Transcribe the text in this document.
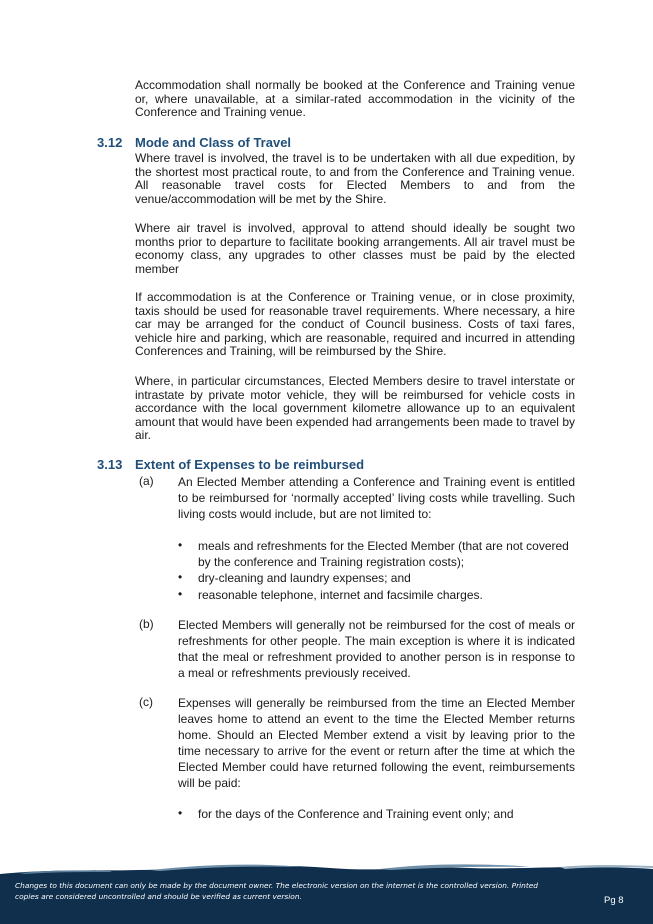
Accommodation shall normally be booked at the Conference and Training venue or, where unavailable, at a similar-rated accommodation in the vicinity of the Conference and Training venue.

3.12 Mode and Class of Travel

Where travel is involved, the travel is to be undertaken with all due expedition, by the shortest most practical route, to and from the Conference and Training venue. All reasonable travel costs for Elected Members to and from the venue/accommodation will be met by the Shire.

Where air travel is involved, approval to attend should ideally be sought two months prior to departure to facilitate booking arrangements. All air travel must be economy class, any upgrades to other classes must be paid by the elected member

If accommodation is at the Conference or Training venue, or in close proximity, taxis should be used for reasonable travel requirements. Where necessary, a hire car may be arranged for the conduct of Council business. Costs of taxi fares, vehicle hire and parking, which are reasonable, required and incurred in attending Conferences and Training, will be reimbursed by the Shire.

Where, in particular circumstances, Elected Members desire to travel interstate or intrastate by private motor vehicle, they will be reimbursed for vehicle costs in accordance with the local government kilometre allowance up to an equivalent amount that would have been expended had arrangements been made to travel by air.

3.13 Extent of Expenses to be reimbursed
(a) An Elected Member attending a Conference and Training event is entitled to be reimbursed for ‘normally accepted’ living costs while travelling. Such living costs would include, but are not limited to:

• meals and refreshments for the Elected Member (that are not covered by the conference and Training registration costs);

• dry-cleaning and laundry expenses; and

• reasonable telephone, internet and facsimile charges.

(b) Elected Members will generally not be reimbursed for the cost of meals or refreshments for other people. The main exception is where it is indicated that the meal or refreshment provided to another person is in response to a meal or refreshments previously received.

(c) Expenses will generally be reimbursed from the time an Elected Member leaves home to attend an event to the time the Elected Member returns home. Should an Elected Member extend a visit by leaving prior to the time necessary to arrive for the event or return after the time at which the Elected Member could have returned following the event, reimbursements will be paid:

• for the days of the Conference and Training event only; and

Changes to this document can only be made by the document owner. The electronic version on the internet is the controlled version. Printed copies are considered uncontrolled and should be verified as current version.	Pg 8
